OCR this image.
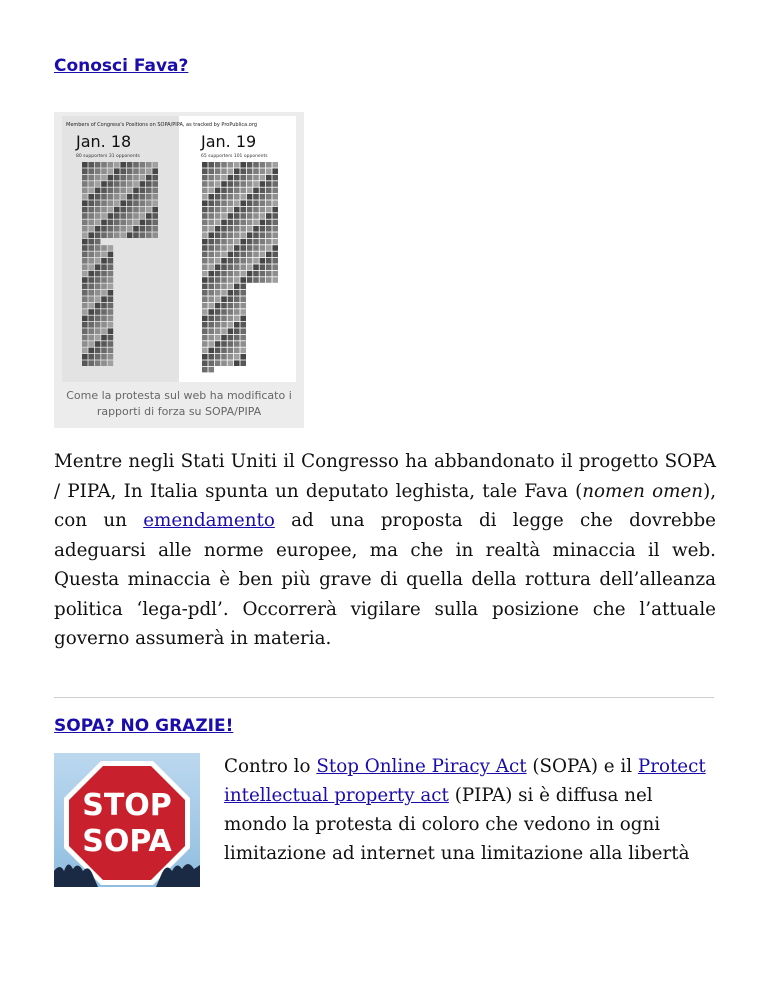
Conosci Fava?
Members of Congress's Positions on SOPA/PIPA, as tracked by ProPublica.org
Jan. 18
80 supporters 31 opponents
Jan. 19
65 supporters 101 opponents
Come la protesta sul web ha modificato i rapporti di forza su SOPA/PIPA
Mentre negli Stati Uniti il Congresso ha abbandonato il progetto SOPA / PIPA, In Italia spunta un deputato leghista, tale Fava (nomen omen), con un emendamento ad una proposta di legge che dovrebbe adeguarsi alle norme europee, ma che in realtà minaccia il web. Questa minaccia è ben più grave di quella della rottura dell’alleanza politica ‘lega-pdl’. Occorrerà vigilare sulla posizione che l’attuale governo assumerà in materia.
SOPA? NO GRAZIE!
STOP
SOPA
Contro lo Stop Online Piracy Act (SOPA) e il Protect intellectual property act (PIPA) si è diffusa nel mondo la protesta di coloro che vedono in ogni limitazione ad internet una limitazione alla libertà
